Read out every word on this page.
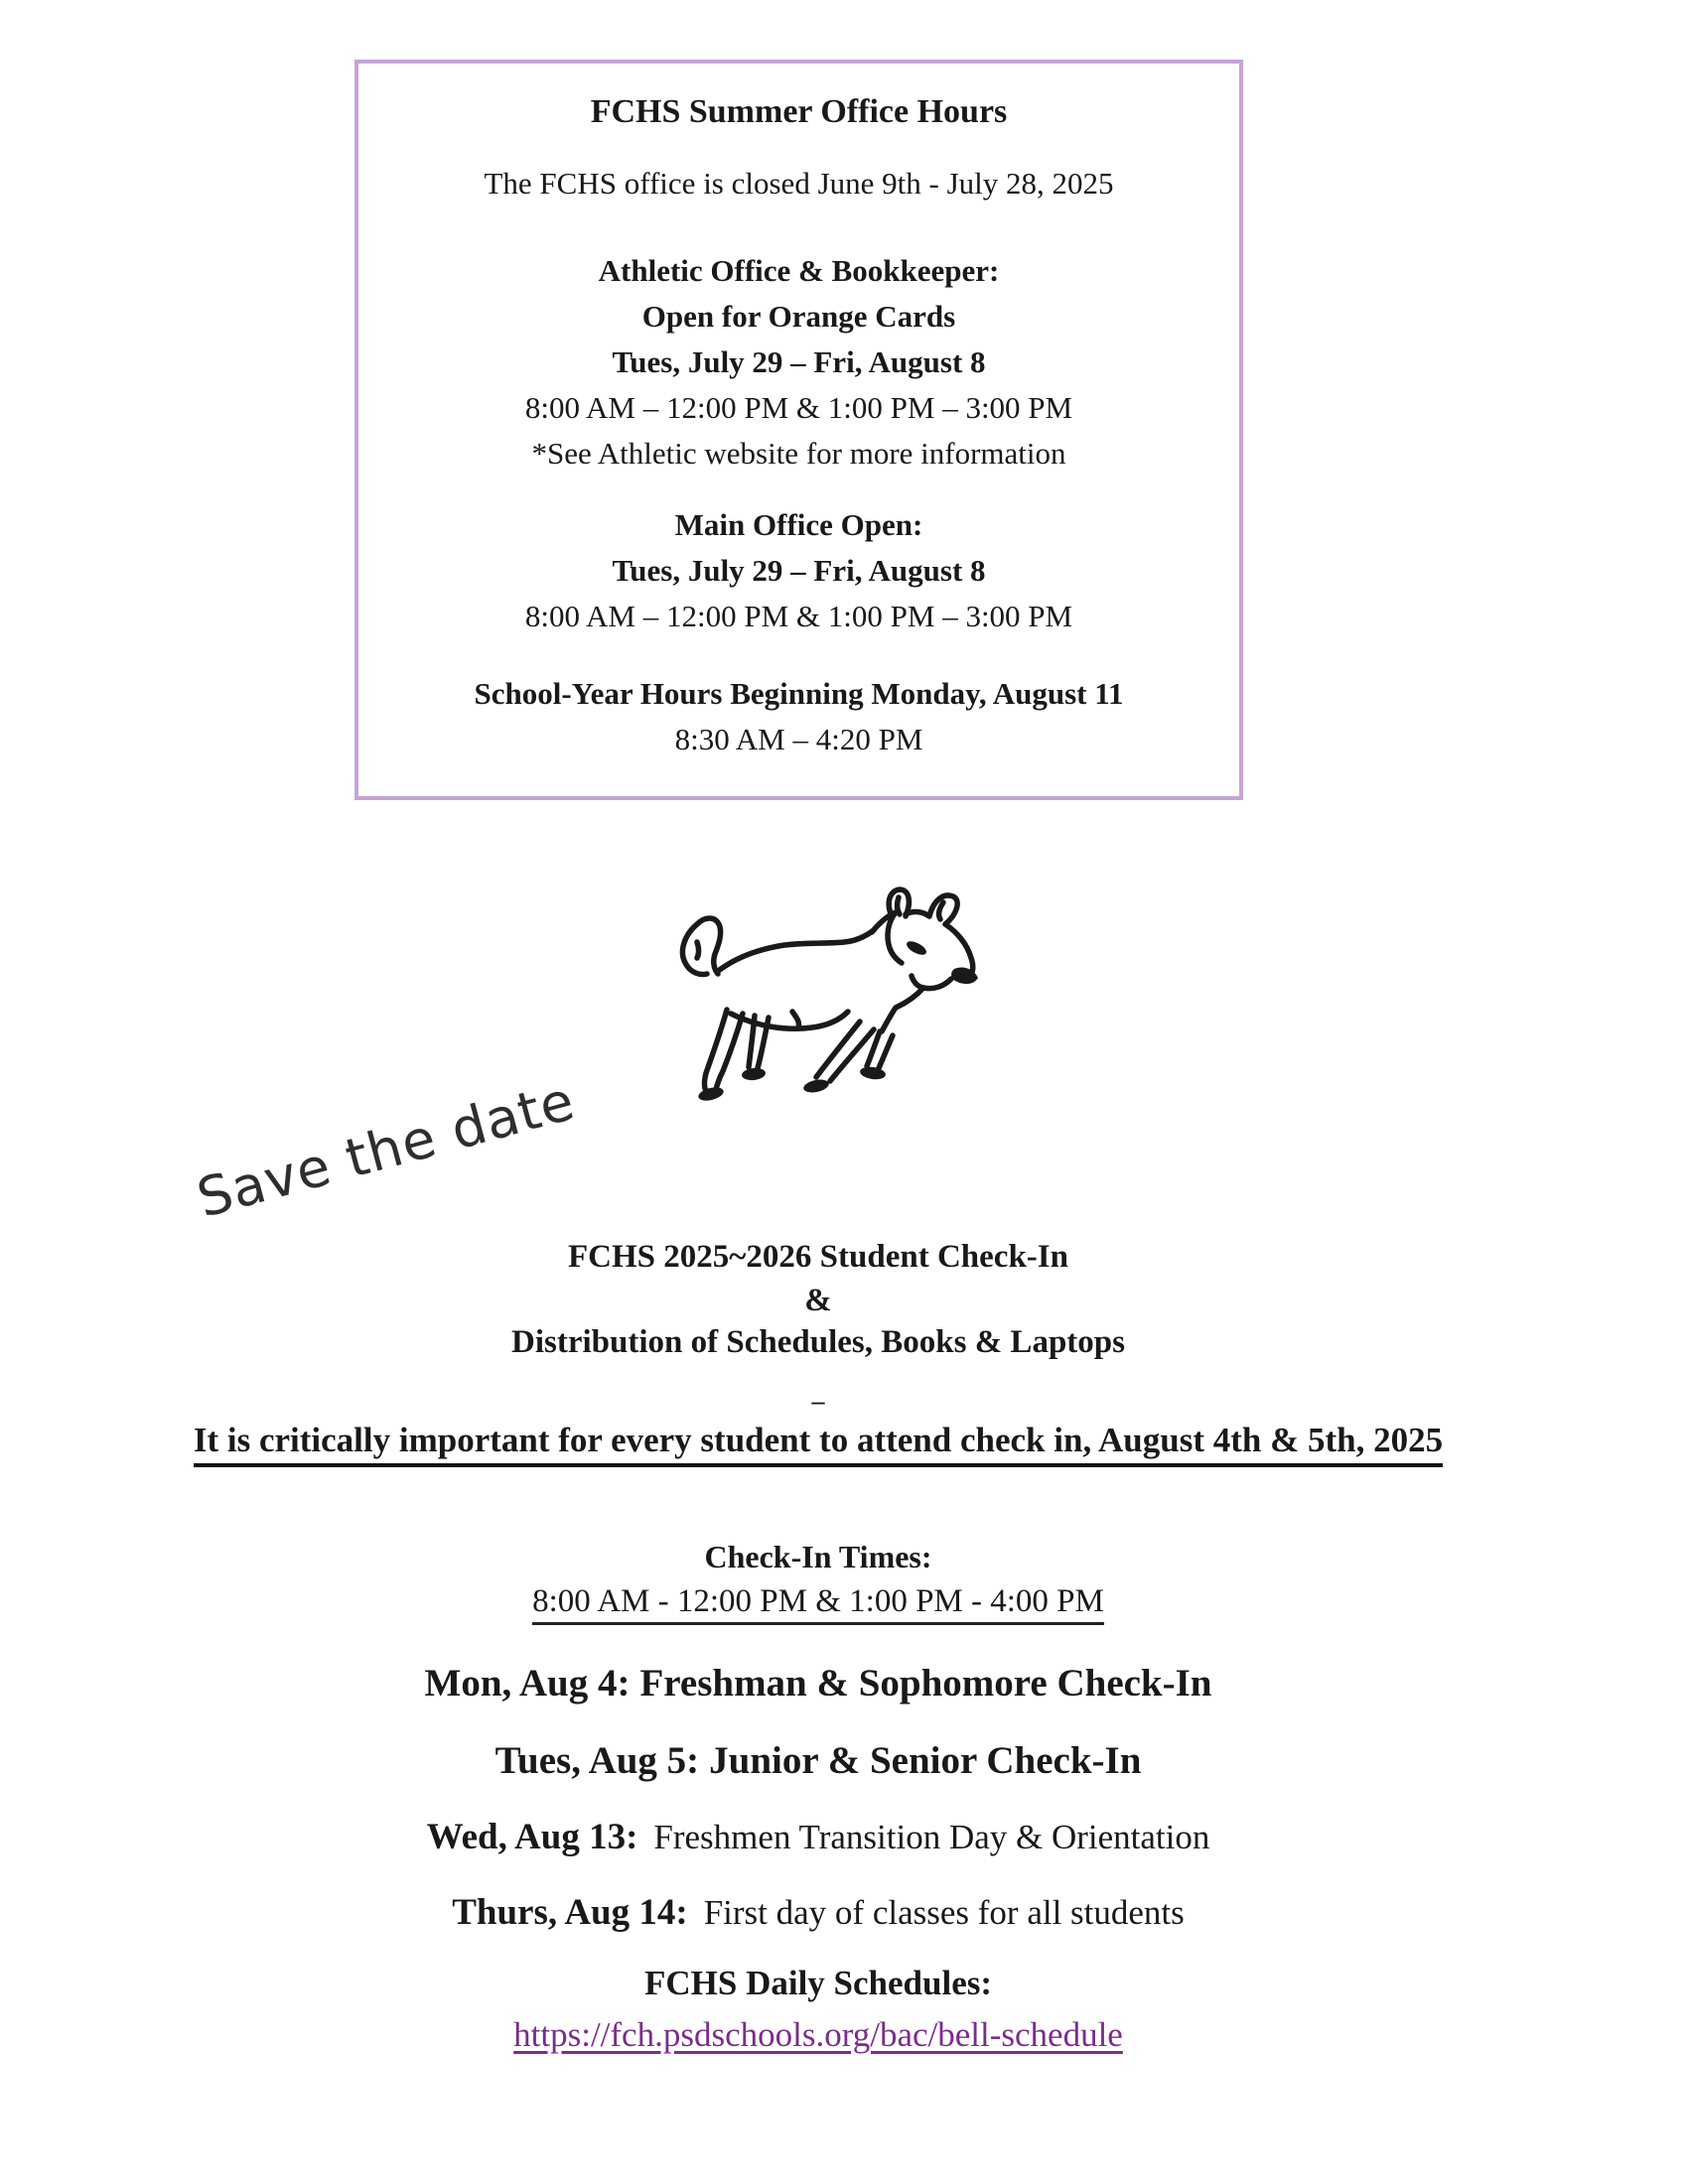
FCHS Summer Office Hours

The FCHS office is closed June 9th - July 28, 2025

Athletic Office & Bookkeeper:

Open for Orange Cards

Tues, July 29 – Fri, August 8

8:00 AM – 12:00 PM & 1:00 PM – 3:00 PM

*See Athletic website for more information

Main Office Open:

Tues, July 29 – Fri, August 8

8:00 AM – 12:00 PM & 1:00 PM – 3:00 PM

School-Year Hours Beginning Monday, August 11

8:30 AM – 4:20 PM

Save the date

FCHS 2025~2026 Student Check-In

&

Distribution of Schedules, Books & Laptops

–

It is critically important for every student to attend check in, August 4th & 5th, 2025

Check-In Times:

8:00 AM - 12:00 PM & 1:00 PM - 4:00 PM

Mon, Aug 4: Freshman & Sophomore Check-In

Tues, Aug 5: Junior & Senior Check-In

Wed, Aug 13: Freshmen Transition Day & Orientation

Thurs, Aug 14: First day of classes for all students

FCHS Daily Schedules:

https://fch.psdschools.org/bac/bell-schedule
